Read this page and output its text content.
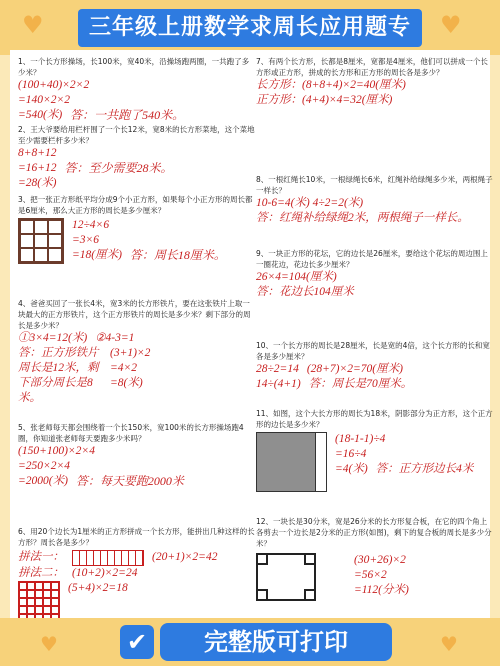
♥	三年级上册数学求周长应用题专	♥

1、一个长方形操场，长100米，宽40米，沿操场跑两圈，一共跑了多少米？

(100+40)×2×2
=140×2×2
=540(米) 答：一共跑了540米。

2、王大爷要给用栏杆围了一个长12米，宽8米的长方形菜地，这个菜地至少需要栏杆多少米？

8+8+12
=16+12 答：至少需要28米。
=28(米)

3、把一张正方形纸平均分成9个小正方形，如果每个小正方形的周长都是6厘米，那么大正方形的周长是多少厘米？

12÷4×6
=3×6
=18(厘米) 答：周长18厘米。

4、爸爸买回了一张长4米，宽3米的长方形铁片，要在这张铁片上取一块最大的正方形铁片，这个正方形铁片的周长是多少米？剩下部分的周长是多少米？

①3×4=12(米) ②4-3=1
答：正方形铁片周长是12米，剩下部分周长是8米。
(3+1)×2
=4×2
=8(米)

5、张老师每天都会围绕着一个长150米，宽100米的长方形操场跑4圈，你知道张老师每天要跑多少米吗？

(150+100)×2×4
=250×2×4
=2000(米) 答：每天要跑2000米

6、用20个边长为1厘米的正方形拼成一个长方形，能拼出几种这样的长方形？周长各是多少？

拼法一：	(20+1)×2=42
拼法二： (10+2)×2=24
(5+4)×2=18

7、有两个长方形，长都是8厘米，宽都是4厘米，他们可以拼成一个长方形或正方形，拼成的长方形和正方形的周长各是多少？

长方形：(8+8+4)×2=40(厘米)
正方形：(4+4)×4=32(厘米)

8、一根红绳长10米，一根绿绳长6米，红绳补给绿绳多少米，两根绳子一样长？

10-6=4(米) 4÷2=2(米)
答：红绳补给绿绳2米，两根绳子一样长。

9、一块正方形的花坛，它的边长是26厘米，要给这个花坛的周边围上一圈花边，花边长多少厘米？

26×4=104(厘米)
答：花边长104厘米

10、一个长方形的周长是28厘米，长是宽的4倍，这个长方形的长和宽各是多少厘米？

28÷2=14 (28+7)×2=70(厘米)
14÷(4+1) 答：周长是70厘米。

11、如图，这个大长方形的周长为18米，阴影部分为正方形，这个正方形的边长是多少米？

(18-1-1)÷4
=16÷4
=4(米) 答：正方形边长4米

12、一块长是30分米，宽是26分米的长方形复合板，在它的四个角上各剪去一个边长是2分米的正方形(如图)，剩下的复合板的周长是多少分米？

(30+26)×2
=56×2
=112(分米)
♥	✔	完整版可打印	♥
